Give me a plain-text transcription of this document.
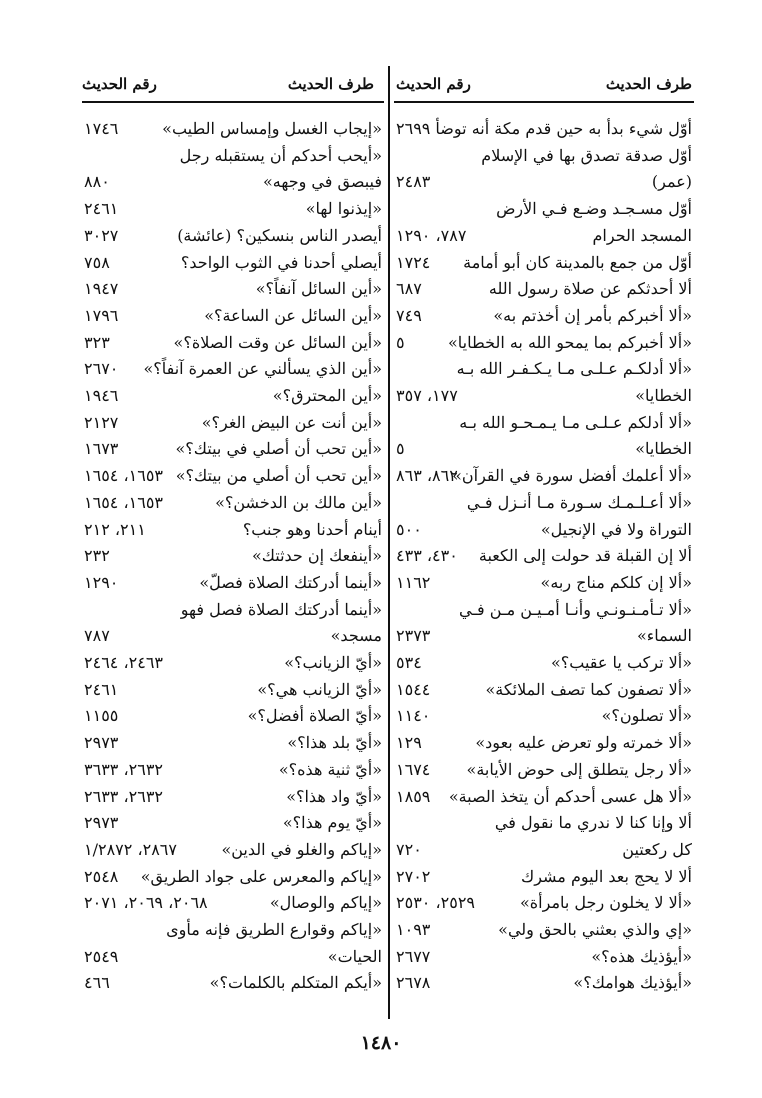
طرف الحديث
رقم الحديث	طرف الحديث
رقم الحديث
أوّل شيء بدأ به حين قدم مكة أنه توضأ
٢٦٩٩
أوّل صدقة تصدق بها في الإسلام
(عمر)
٢٤٨٣
أوّل مسـجـد وضـع فـي الأرض
المسجد الحرام
٧٨٧، ١٢٩٠
أوّل من جمع بالمدينة كان أبو أمامة
١٧٢٤
ألا أحدثكم عن صلاة رسول الله
٦٨٧
«ألا أخبركم بأمر إن أخذتم به»
٧٤٩
«ألا أخبركم بما يمحو الله به الخطايا»
٥
«ألا أدلكـم عـلـى مـا يـكـفـر الله بـه
الخطايا»
١٧٧، ٣٥٧
«ألا أدلكم عـلـى مـا يـمـحـو الله بـه
الخطايا»
٥
«ألا أعلمك أفضل سورة في القرآن»
٨٦٢، ٨٦٣
«ألا أعـلـمـك سـورة مـا أنـزل فـي
التوراة ولا في الإنجيل»
٥٠٠
ألا إن القبلة قد حولت إلى الكعبة
٤٣٠، ٤٣٣
«ألا إن كلكم مناج ربه»
١١٦٢
«ألا تـأمـنـونـي وأنـا أمـيـن مـن فـي
السماء»
٢٣٧٣
«ألا تركب يا عقيب؟»
٥٣٤
«ألا تصفون كما تصف الملائكة»
١٥٤٤
«ألا تصلون؟»
١١٤٠
«ألا خمرته ولو تعرض عليه بعود»
١٢٩
«ألا رجل يتطلق إلى حوض الأيابة»
١٦٧٤
«ألا هل عسى أحدكم أن يتخذ الصبة»
١٨٥٩
ألا وإنا كنا لا ندري ما نقول في
كل ركعتين
٧٢٠
ألا لا يحج بعد اليوم مشرك
٢٧٠٢
«ألا لا يخلون رجل بامرأة»
٢٥٢٩، ٢٥٣٠
«إي والذي بعثني بالحق ولي»
١٠٩٣
«أيؤذيك هذه؟»
٢٦٧٧
«أيؤذيك هوامك؟»
٢٦٧٨
«إيجاب الغسل وإمساس الطيب»
١٧٤٦
«أيحب أحدكم أن يستقبله رجل
فيبصق في وجهه»
٨٨٠
«إيذنوا لها»
٢٤٦١
أيصدر الناس بنسكين؟ (عائشة)
٣٠٢٧
أيصلي أحدنا في الثوب الواحد؟
٧٥٨
«أين السائل آنفاً؟»
١٩٤٧
«أين السائل عن الساعة؟»
١٧٩٦
«أين السائل عن وقت الصلاة؟»
٣٢٣
«أين الذي يسألني عن العمرة آنفاً؟»
٢٦٧٠
«أين المحترق؟»
١٩٤٦
«أين أنت عن البيض الغر؟»
٢١٢٧
«أين تحب أن أصلي في بيتك؟»
١٦٧٣
«أين تحب أن أصلي من بيتك؟»
١٦٥٣، ١٦٥٤
«أين مالك بن الدخشن؟»
١٦٥٣، ١٦٥٤
أينام أحدنا وهو جنب؟
٢١١، ٢١٢
«أينفعك إن حدثتك»
٢٣٢
«أينما أدركتك الصلاة فصلّ»
١٢٩٠
«أينما أدركتك الصلاة فصل فهو
مسجد»
٧٨٧
«أيّ الزيانب؟»
٢٤٦٣، ٢٤٦٤
«أيّ الزيانب هي؟»
٢٤٦١
«أيّ الصلاة أفضل؟»
١١٥٥
«أيّ بلد هذا؟»
٢٩٧٣
«أيّ ثنية هذه؟»
٢٦٣٢، ٣٦٣٣
«أيّ واد هذا؟»
٢٦٣٢، ٢٦٣٣
«أيّ يوم هذا؟»
٢٩٧٣
«إياكم والغلو في الدين»
٢٨٦٧، ١/٢٨٧٢
«إياكم والمعرس على جواد الطريق»
٢٥٤٨
«إياكم والوصال»
٢٠٦٨، ٢٠٦٩، ٢٠٧١
«إياكم وقوارع الطريق فإنه مأوى
الحيات»
٢٥٤٩
«أيكم المتكلم بالكلمات؟»
٤٦٦
١٤٨٠
